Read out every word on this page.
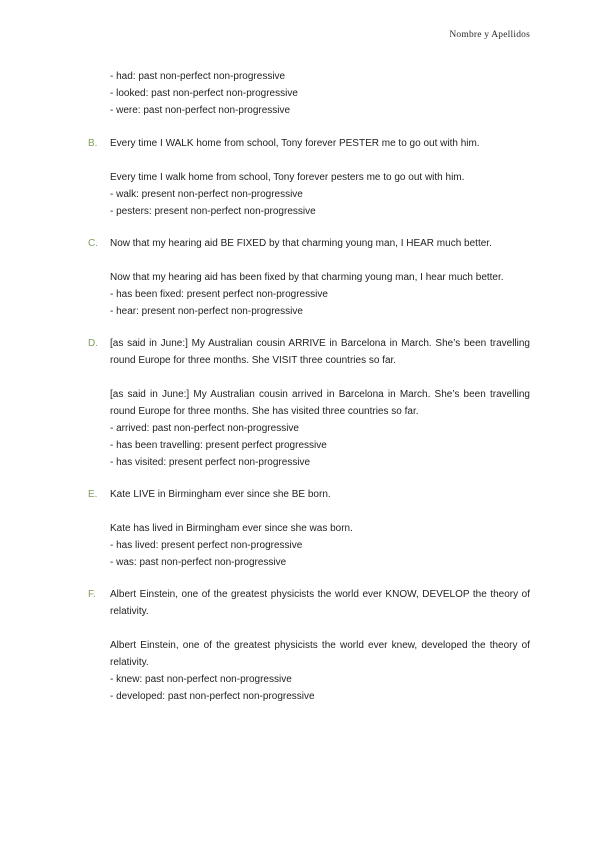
Nombre y Apellidos

- had: past non-perfect non-progressive

- looked: past non-perfect non-progressive

- were: past non-perfect non-progressive

B.	Every time I WALK home from school, Tony forever PESTER me to go out with him.

Every time I walk home from school, Tony forever pesters me to go out with him.

- walk: present non-perfect non-progressive

- pesters: present non-perfect non-progressive

C.	Now that my hearing aid BE FIXED by that charming young man, I HEAR much better.

Now that my hearing aid has been fixed by that charming young man, I hear much better.

- has been fixed: present perfect non-progressive

- hear: present non-perfect non-progressive

D.	[as said in June:] My Australian cousin ARRIVE in Barcelona in March. She’s been travelling round Europe for three months. She VISIT three countries so far.

[as said in June:] My Australian cousin arrived in Barcelona in March. She’s been travelling round Europe for three months. She has visited three countries so far.

- arrived: past non-perfect non-progressive

- has been travelling: present perfect progressive

- has visited: present perfect non-progressive

E.	Kate LIVE in Birmingham ever since she BE born.

Kate has lived in Birmingham ever since she was born.

- has lived: present perfect non-progressive

- was: past non-perfect non-progressive

F.	Albert Einstein, one of the greatest physicists the world ever KNOW, DEVELOP the theory of relativity.

Albert Einstein, one of the greatest physicists the world ever knew, developed the theory of relativity.

- knew: past non-perfect non-progressive

- developed: past non-perfect non-progressive
